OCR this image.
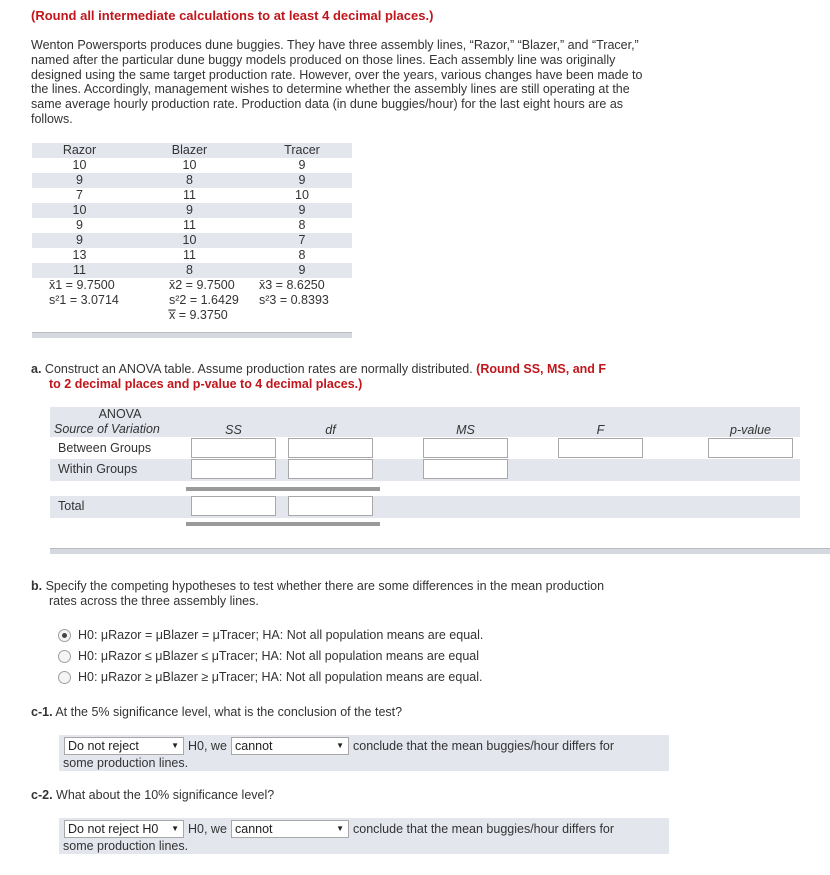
(Round all intermediate calculations to at least 4 decimal places.)
Wenton Powersports produces dune buggies. They have three assembly lines, “Razor,” “Blazer,” and “Tracer,” named after the particular dune buggy models produced on those lines. Each assembly line was originally designed using the same target production rate. However, over the years, various changes have been made to the lines. Accordingly, management wishes to determine whether the assembly lines are still operating at the same average hourly production rate. Production data (in dune buggies/hour) for the last eight hours are as follows.
Razor	Blazer	Tracer
10	10	9
9	8	9
7	11	10
10	9	9
9	11	8
9	10	7
13	11	8
11	8	9
x̄1 = 9.7500	x̄2 = 9.7500	x̄3 = 8.6250
s²1 = 3.0714	s²2 = 1.6429	s²3 = 0.8393
x̿ = 9.3750
a. Construct an ANOVA table. Assume production rates are normally distributed. (Round SS, MS, and F
to 2 decimal places and p-value to 4 decimal places.)
ANOVA
Source of Variation	SS	df	MS	F	p-value
Between Groups
Within Groups
Total
b. Specify the competing hypotheses to test whether there are some differences in the mean production
rates across the three assembly lines.
H0: μRazor = μBlazer = μTracer; HA: Not all population means are equal.
H0: μRazor ≤ μBlazer ≤ μTracer; HA: Not all population means are equal
H0: μRazor ≥ μBlazer ≥ μTracer; HA: Not all population means are equal.
c-1. At the 5% significance level, what is the conclusion of the test?
Do not reject	▼ H0, we cannot	▼ conclude that the mean buggies/hour differs for
some production lines.
c-2. What about the 10% significance level?
Do not reject H0 ▼ H0, we cannot	▼ conclude that the mean buggies/hour differs for
some production lines.
